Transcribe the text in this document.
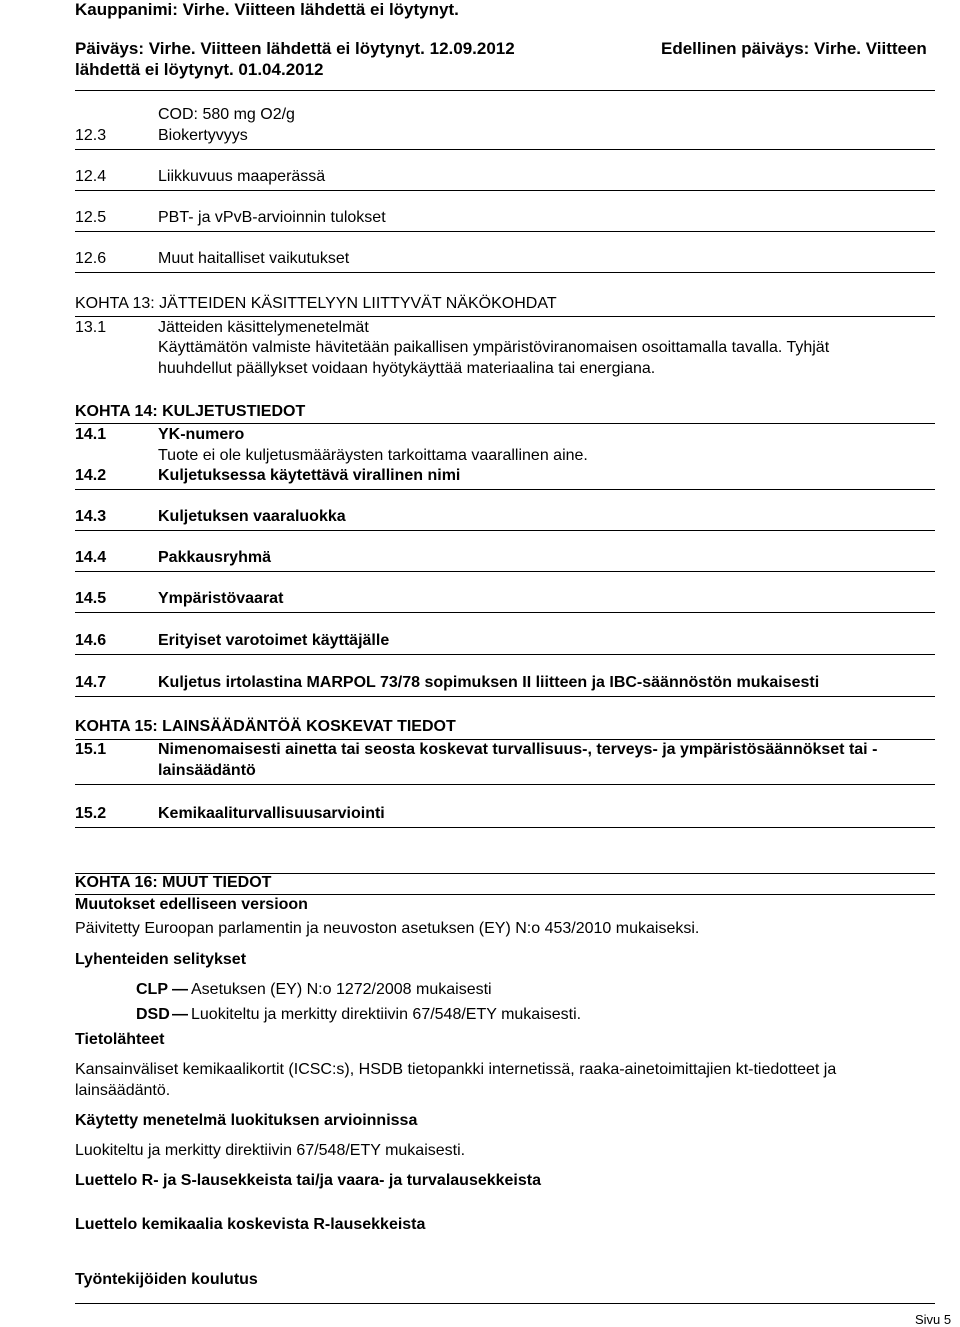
Kauppanimi: Virhe. Viitteen lähdettä ei löytynyt.
Päiväys: Virhe. Viitteen lähdettä ei löytynyt. 12.09.2012	Edellinen päiväys: Virhe. Viitteen
lähdettä ei löytynyt. 01.04.2012
COD: 580 mg O2/g
12.3	Biokertyvyys
12.4	Liikkuvuus maaperässä
12.5	PBT- ja vPvB-arvioinnin tulokset
12.6	Muut haitalliset vaikutukset
KOHTA 13: JÄTTEIDEN KÄSITTELYYN LIITTYVÄT NÄKÖKOHDAT
13.1	Jätteiden käsittelymenetelmät
Käyttämätön valmiste hävitetään paikallisen ympäristöviranomaisen osoittamalla tavalla. Tyhjät
huuhdellut päällykset voidaan hyötykäyttää materiaalina tai energiana.
KOHTA 14: KULJETUSTIEDOT
14.1	YK-numero
Tuote ei ole kuljetusmääräysten tarkoittama vaarallinen aine.
14.2	Kuljetuksessa käytettävä virallinen nimi
14.3	Kuljetuksen vaaraluokka
14.4	Pakkausryhmä
14.5	Ympäristövaarat
14.6	Erityiset varotoimet käyttäjälle
14.7	Kuljetus irtolastina MARPOL 73/78 sopimuksen II liitteen ja IBC-säännöstön mukaisesti
KOHTA 15: LAINSÄÄDÄNTÖÄ KOSKEVAT TIEDOT
15.1	Nimenomaisesti ainetta tai seosta koskevat turvallisuus-, terveys- ja ympäristösäännökset tai -
lainsäädäntö
15.2	Kemikaaliturvallisuusarviointi
KOHTA 16: MUUT TIEDOT
Muutokset edelliseen versioon
Päivitetty Euroopan parlamentin ja neuvoston asetuksen (EY) N:o 453/2010 mukaiseksi.
Lyhenteiden selitykset
CLP — Asetuksen (EY) N:o 1272/2008 mukaisesti
DSD — Luokiteltu ja merkitty direktiivin 67/548/ETY mukaisesti.
Tietolähteet
Kansainväliset kemikaalikortit (ICSC:s), HSDB tietopankki internetissä, raaka-ainetoimittajien kt-tiedotteet ja
lainsäädäntö.
Käytetty menetelmä luokituksen arvioinnissa
Luokiteltu ja merkitty direktiivin 67/548/ETY mukaisesti.
Luettelo R- ja S-lausekkeista tai/ja vaara- ja turvalausekkeista
Luettelo kemikaalia koskevista R-lausekkeista
Työntekijöiden koulutus
Sivu 5
